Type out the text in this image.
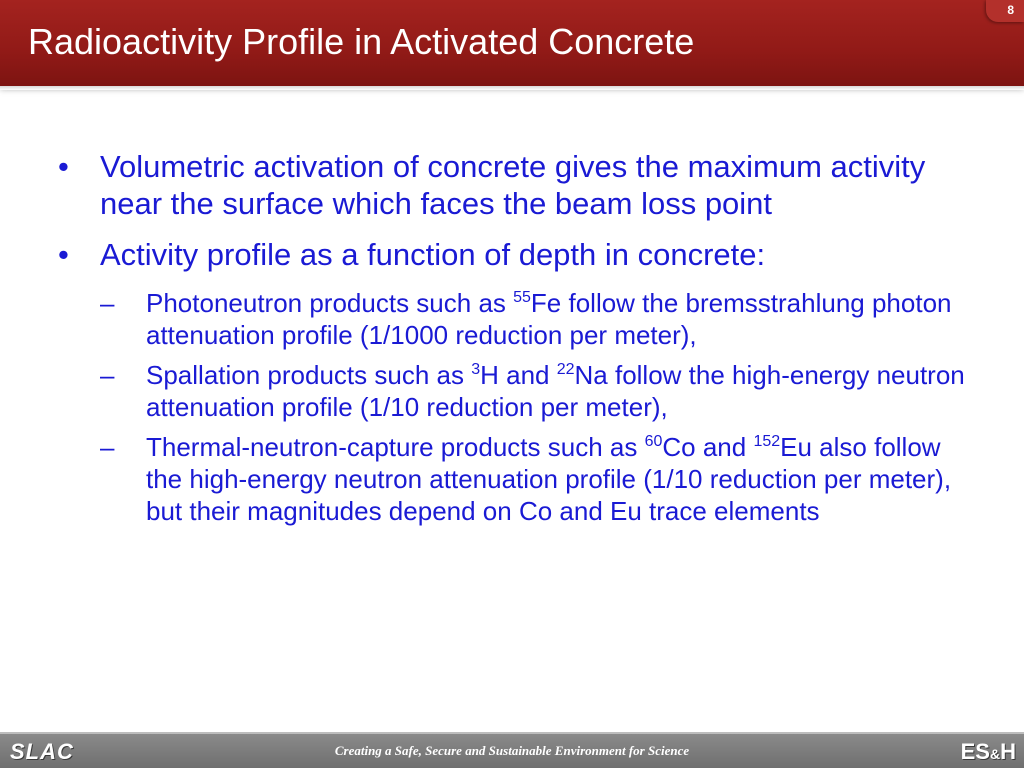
Radioactivity Profile in Activated Concrete
8
• Volumetric activation of concrete gives the maximum activity near the surface which faces the beam loss point
• Activity profile as a function of depth in concrete:
– Photoneutron products such as $^{55}$Fe follow the bremsstrahlung photon attenuation profile (1/1000 reduction per meter),
– Spallation products such as $^3$H and $^{22}$Na follow the high-energy neutron attenuation profile (1/10 reduction per meter),
– Thermal-neutron-capture products such as $^{60}$Co and $^{152}$Eu also follow the high-energy neutron attenuation profile (1/10 reduction per meter), but their magnitudes depend on Co and Eu trace elements
SLAC	Creating a Safe, Secure and Sustainable Environment for Science	ES&H
